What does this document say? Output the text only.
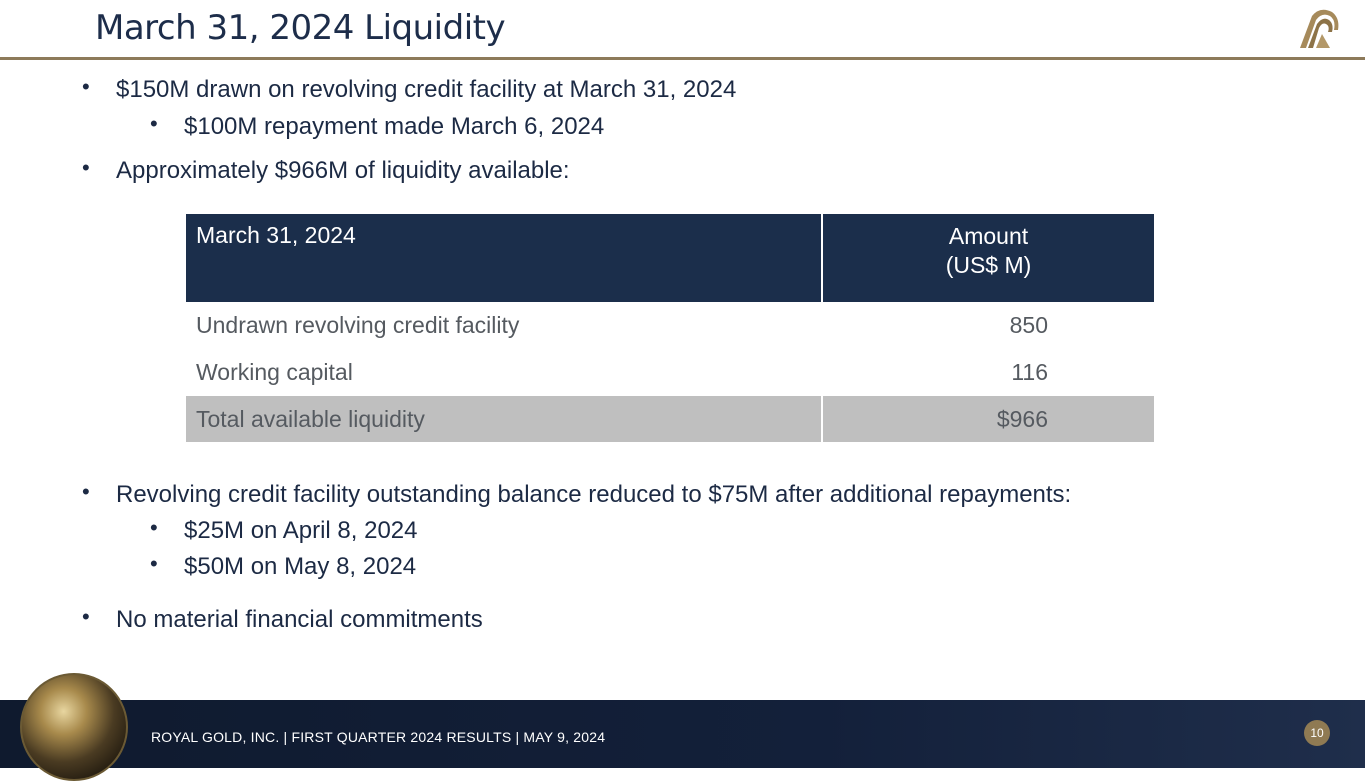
March 31, 2024 Liquidity
• $150M drawn on revolving credit facility at March 31, 2024
• $100M repayment made March 6, 2024
• Approximately $966M of liquidity available:
March 31, 2024	Amount
(US$ M)

Undrawn revolving credit facility	850
Working capital	116
Total available liquidity	$966
• Revolving credit facility outstanding balance reduced to $75M after additional repayments:
• $25M on April 8, 2024
• $50M on May 8, 2024
• No material financial commitments
ROYAL GOLD, INC. | FIRST QUARTER 2024 RESULTS | MAY 9, 2024	10
